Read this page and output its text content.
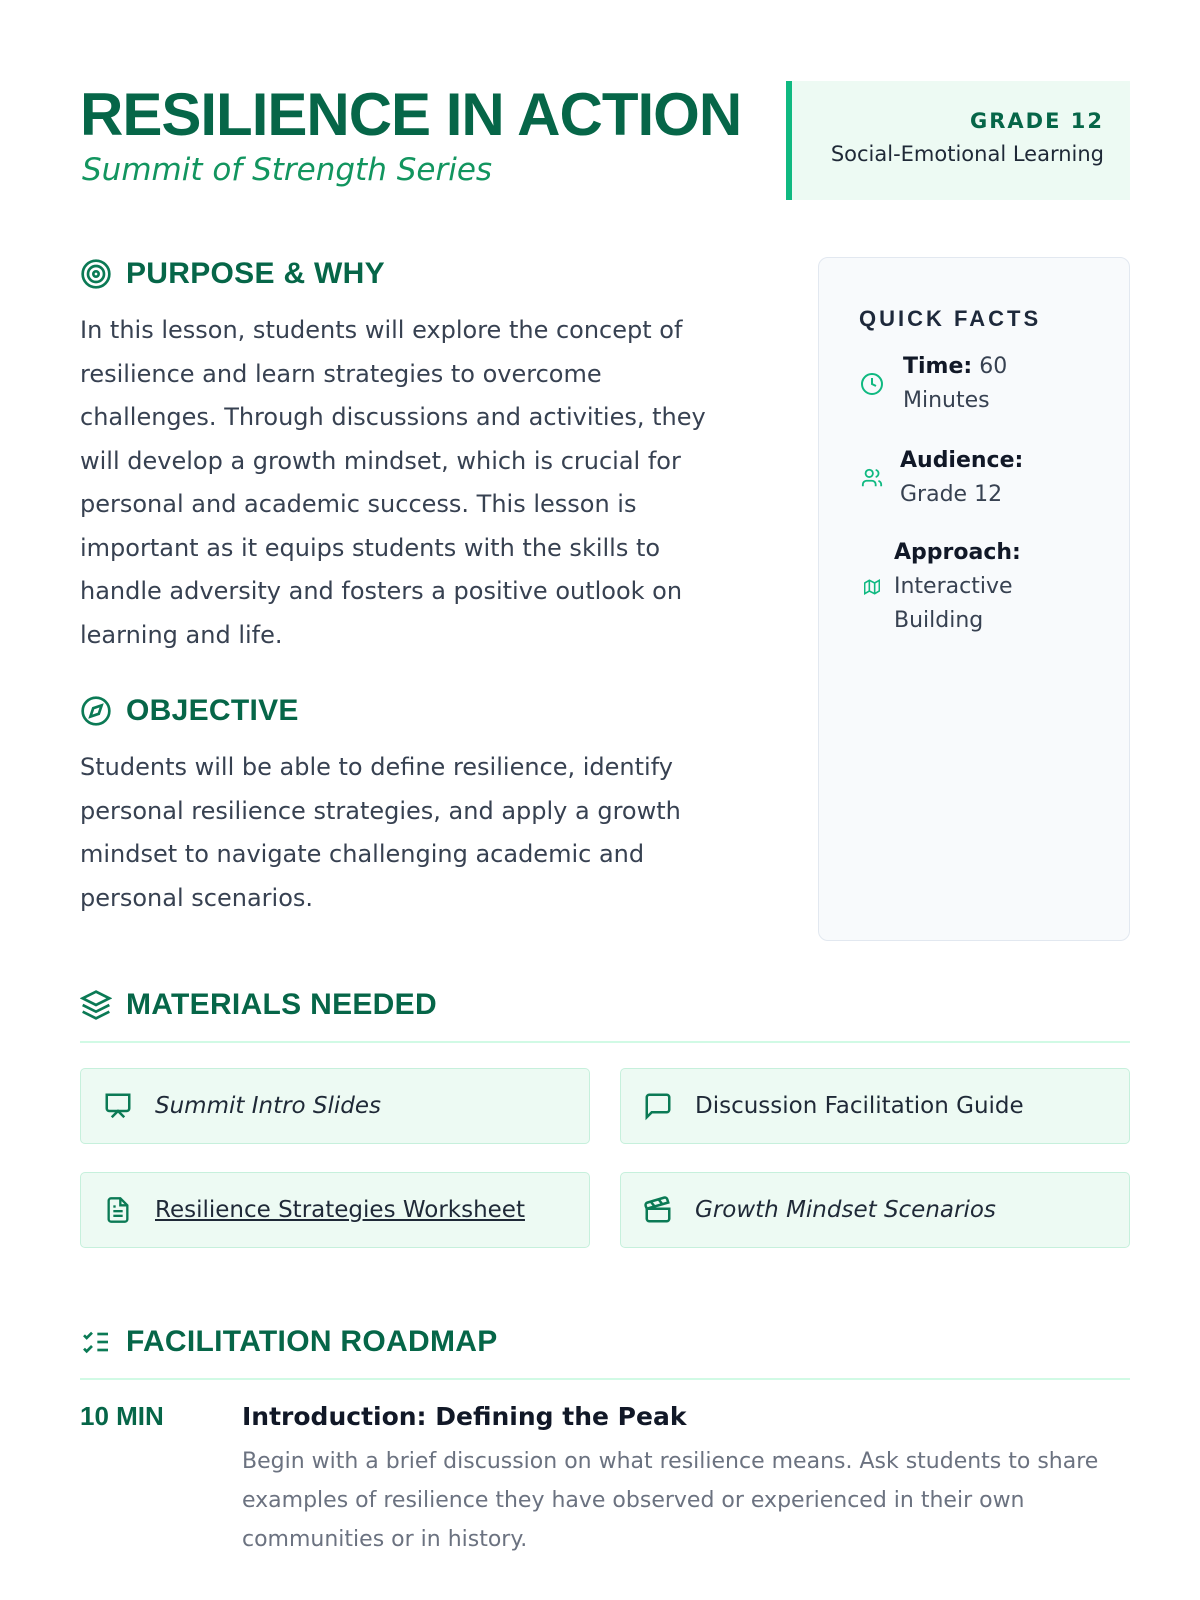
RESILIENCE IN ACTION
Summit of Strength Series
GRADE 12
Social-Emotional Learning
PURPOSE & WHY

In this lesson, students will explore the concept of resilience and learn strategies to overcome challenges. Through discussions and activities, they will develop a growth mindset, which is crucial for personal and academic success. This lesson is important as it equips students with the skills to handle adversity and fosters a positive outlook on learning and life.

OBJECTIVE

Students will be able to define resilience, identify personal resilience strategies, and apply a growth mindset to navigate challenging academic and personal scenarios.

QUICK FACTS
Time: 60 Minutes
Audience:
Grade 12
Approach:
Interactive Building
MATERIALS NEEDED
Summit Intro Slides	Discussion Facilitation Guide
Resilience Strategies Worksheet	Growth Mindset Scenarios
FACILITATION ROADMAP
10 MIN	Introduction: Defining the Peak

Begin with a brief discussion on what resilience means. Ask students to share examples of resilience they have observed or experienced in their own communities or in history.
